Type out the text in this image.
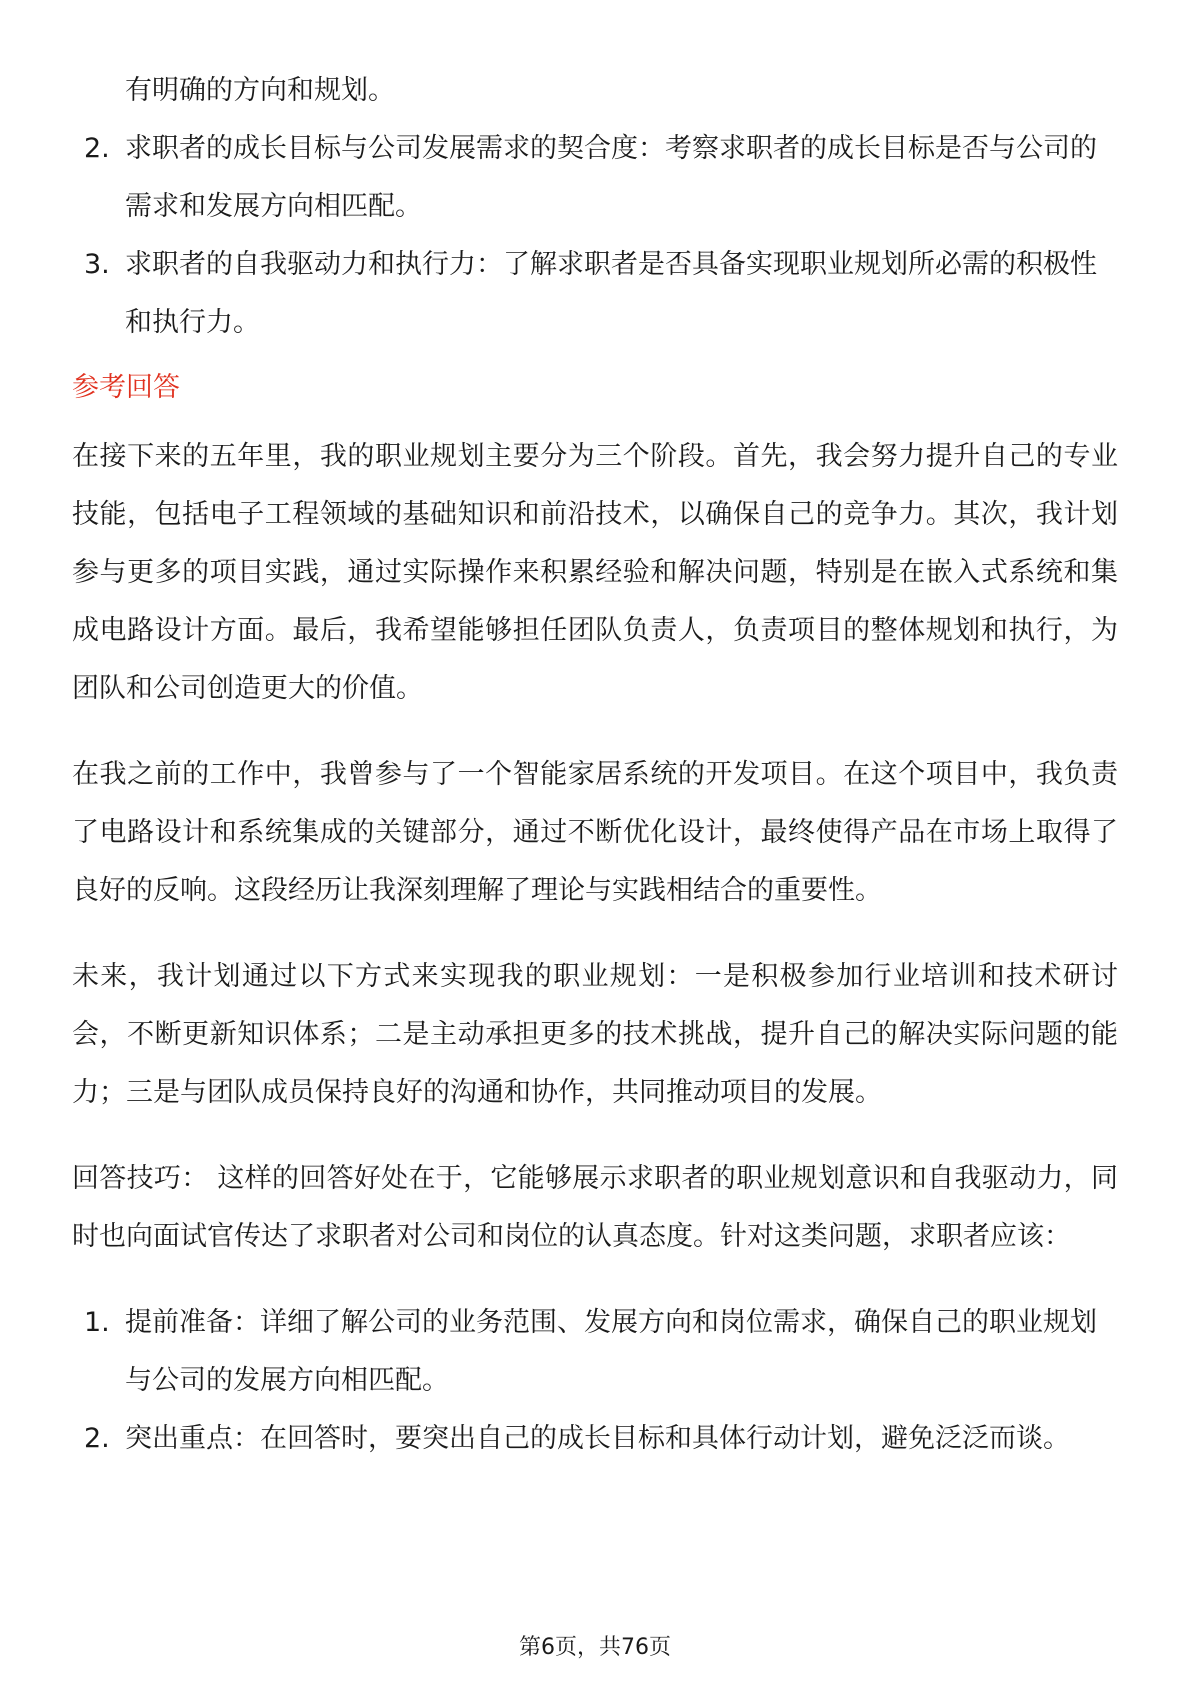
有明确的方向和规划。

2. 求职者的成长目标与公司发展需求的契合度：考察求职者的成长目标是否与公司的需求和发展方向相匹配。
3. 求职者的自我驱动力和执行力：了解求职者是否具备实现职业规划所必需的积极性和执行力。
参考回答

在接下来的五年里，我的职业规划主要分为三个阶段。首先，我会努力提升自己的专业技能，包括电子工程领域的基础知识和前沿技术，以确保自己的竞争力。其次，我计划参与更多的项目实践，通过实际操作来积累经验和解决问题，特别是在嵌入式系统和集成电路设计方面。最后，我希望能够担任团队负责人，负责项目的整体规划和执行，为团队和公司创造更大的价值。

在我之前的工作中，我曾参与了一个智能家居系统的开发项目。在这个项目中，我负责了电路设计和系统集成的关键部分，通过不断优化设计，最终使得产品在市场上取得了良好的反响。这段经历让我深刻理解了理论与实践相结合的重要性。

未来，我计划通过以下方式来实现我的职业规划：一是积极参加行业培训和技术研讨会，不断更新知识体系；二是主动承担更多的技术挑战，提升自己的解决实际问题的能力；三是与团队成员保持良好的沟通和协作，共同推动项目的发展。

回答技巧： 这样的回答好处在于，它能够展示求职者的职业规划意识和自我驱动力，同时也向面试官传达了求职者对公司和岗位的认真态度。针对这类问题，求职者应该：

1. 提前准备：详细了解公司的业务范围、发展方向和岗位需求，确保自己的职业规划与公司的发展方向相匹配。
2. 突出重点：在回答时，要突出自己的成长目标和具体行动计划，避免泛泛而谈。
第6页，共76页
